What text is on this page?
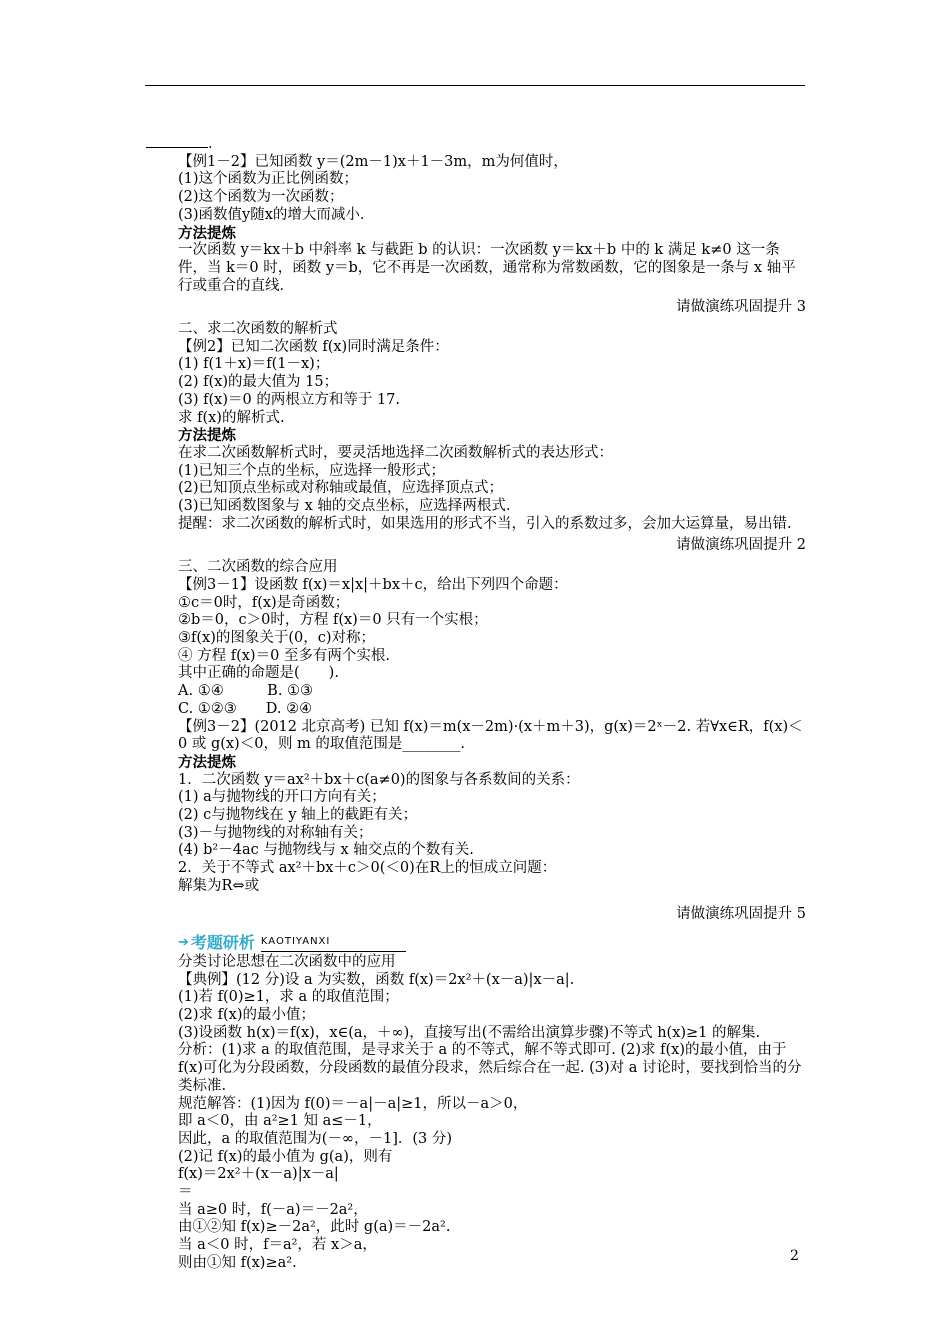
．
【例1－2】已知函数 y＝(2m－1)x＋1－3m，m为何值时，
(1)这个函数为正比例函数；
(2)这个函数为一次函数；
(3)函数值y随x的增大而减小．
方法提炼
一次函数 y＝kx＋b 中斜率 k 与截距 b 的认识：一次函数 y＝kx＋b 中的 k 满足 k≠0 这一条件，当 k＝0 时，函数 y＝b，它不再是一次函数，通常称为常数函数，它的图象是一条与 x 轴平行或重合的直线．
请做演练巩固提升 3
二、求二次函数的解析式
【例2】已知二次函数 f(x)同时满足条件：
(1) f(1＋x)＝f(1－x)；
(2) f(x)的最大值为 15；
(3) f(x)＝0 的两根立方和等于 17.
求 f(x)的解析式.
方法提炼
在求二次函数解析式时，要灵活地选择二次函数解析式的表达形式：
(1)已知三个点的坐标，应选择一般形式；
(2)已知顶点坐标或对称轴或最值，应选择顶点式；
(3)已知函数图象与 x 轴的交点坐标，应选择两根式.
提醒：求二次函数的解析式时，如果选用的形式不当，引入的系数过多，会加大运算量，易出错.
请做演练巩固提升 2
三、二次函数的综合应用
【例3－1】设函数 f(x)＝x|x|＋bx＋c，给出下列四个命题：
①c＝0时，f(x)是奇函数；
②b＝0，c＞0时，方程 f(x)＝0 只有一个实根；
③f(x)的图象关于(0，c)对称；
④ 方程 f(x)＝0 至多有两个实根.
其中正确的命题是(　　).
A. ①④　　　B. ①③
C. ①②③　　D. ②④
【例3－2】(2012 北京高考) 已知 f(x)＝m(x－2m)·(x＋m＋3)，g(x)＝2ˣ－2. 若∀x∈R，f(x)＜0 或 g(x)＜0，则 m 的取值范围是________.
方法提炼
1．二次函数 y＝ax²＋bx＋c(a≠0)的图象与各系数间的关系：
(1) a与抛物线的开口方向有关；
(2) c与抛物线在 y 轴上的截距有关；
(3)－与抛物线的对称轴有关；
(4) b²－4ac 与抛物线与 x 轴交点的个数有关.
2．关于不等式 ax²＋bx＋c＞0(＜0)在R上的恒成立问题：
解集为R⇔或
请做演练巩固提升 5
➔ 考题研析 KAOTIYANXI
分类讨论思想在二次函数中的应用
【典例】(12 分)设 a 为实数，函数 f(x)＝2x²＋(x－a)|x－a|.
(1)若 f(0)≥1，求 a 的取值范围；
(2)求 f(x)的最小值；
(3)设函数 h(x)＝f(x)，x∈(a，＋∞)，直接写出(不需给出演算步骤)不等式 h(x)≥1 的解集.
分析：(1)求 a 的取值范围，是寻求关于 a 的不等式，解不等式即可. (2)求 f(x)的最小值，由于 f(x)可化为分段函数，分段函数的最值分段求，然后综合在一起. (3)对 a 讨论时，要找到恰当的分类标准.
规范解答：(1)因为 f(0)＝－a|－a|≥1，所以－a＞0，
即 a＜0，由 a²≥1 知 a≤－1，
因此，a 的取值范围为(－∞，－1]．(3 分)
(2)记 f(x)的最小值为 g(a)，则有
f(x)＝2x²＋(x－a)|x－a|
＝
当 a≥0 时，f(－a)＝－2a²，
由①②知 f(x)≥－2a²，此时 g(a)＝－2a².
当 a＜0 时，f＝a²，若 x＞a，
则由①知 f(x)≥a².	2
